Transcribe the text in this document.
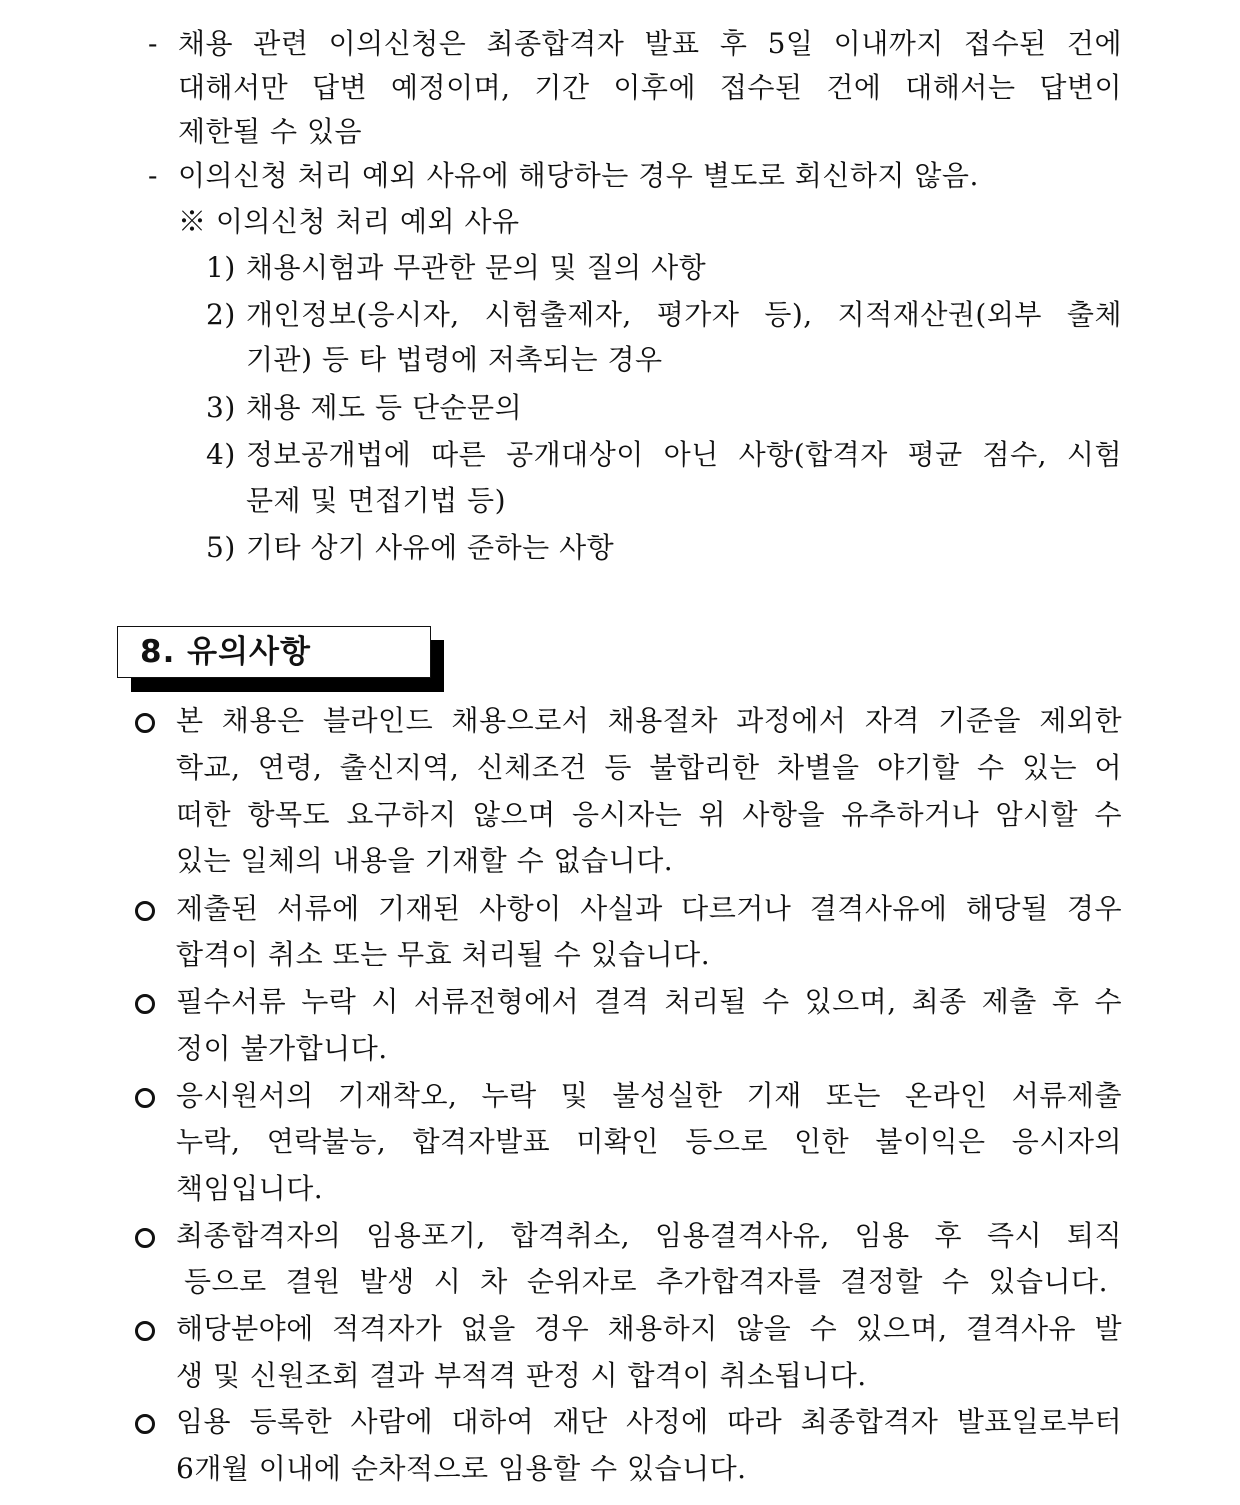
- 채용 관련 이의신청은 최종합격자 발표 후 5일 이내까지 접수된 건에
대해서만 답변 예정이며, 기간 이후에 접수된 건에 대해서는 답변이
제한될 수 있음
- 이의신청 처리 예외 사유에 해당하는 경우 별도로 회신하지 않음.
※ 이의신청 처리 예외 사유
1) 채용시험과 무관한 문의 및 질의 사항
2) 개인정보(응시자, 시험출제자, 평가자 등), 지적재산권(외부 출체
기관) 등 타 법령에 저촉되는 경우
3) 채용 제도 등 단순문의
4) 정보공개법에 따른 공개대상이 아닌 사항(합격자 평균 점수, 시험
문제 및 면접기법 등)
5) 기타 상기 사유에 준하는 사항
8. 유의사항
본 채용은 블라인드 채용으로서 채용절차 과정에서 자격 기준을 제외한
학교, 연령, 출신지역, 신체조건 등 불합리한 차별을 야기할 수 있는 어
떠한 항목도 요구하지 않으며 응시자는 위 사항을 유추하거나 암시할 수
있는 일체의 내용을 기재할 수 없습니다.
제출된 서류에 기재된 사항이 사실과 다르거나 결격사유에 해당될 경우
합격이 취소 또는 무효 처리될 수 있습니다.
필수서류 누락 시 서류전형에서 결격 처리될 수 있으며, 최종 제출 후 수
정이 불가합니다.
응시원서의 기재착오, 누락 및 불성실한 기재 또는 온라인 서류제출
누락, 연락불능, 합격자발표 미확인 등으로 인한 불이익은 응시자의
책임입니다.
최종합격자의 임용포기, 합격취소, 임용결격사유, 임용 후 즉시 퇴직
등으로 결원 발생 시 차 순위자로 추가합격자를 결정할 수 있습니다.
해당분야에 적격자가 없을 경우 채용하지 않을 수 있으며, 결격사유 발
생 및 신원조회 결과 부적격 판정 시 합격이 취소됩니다.
임용 등록한 사람에 대하여 재단 사정에 따라 최종합격자 발표일로부터
6개월 이내에 순차적으로 임용할 수 있습니다.
